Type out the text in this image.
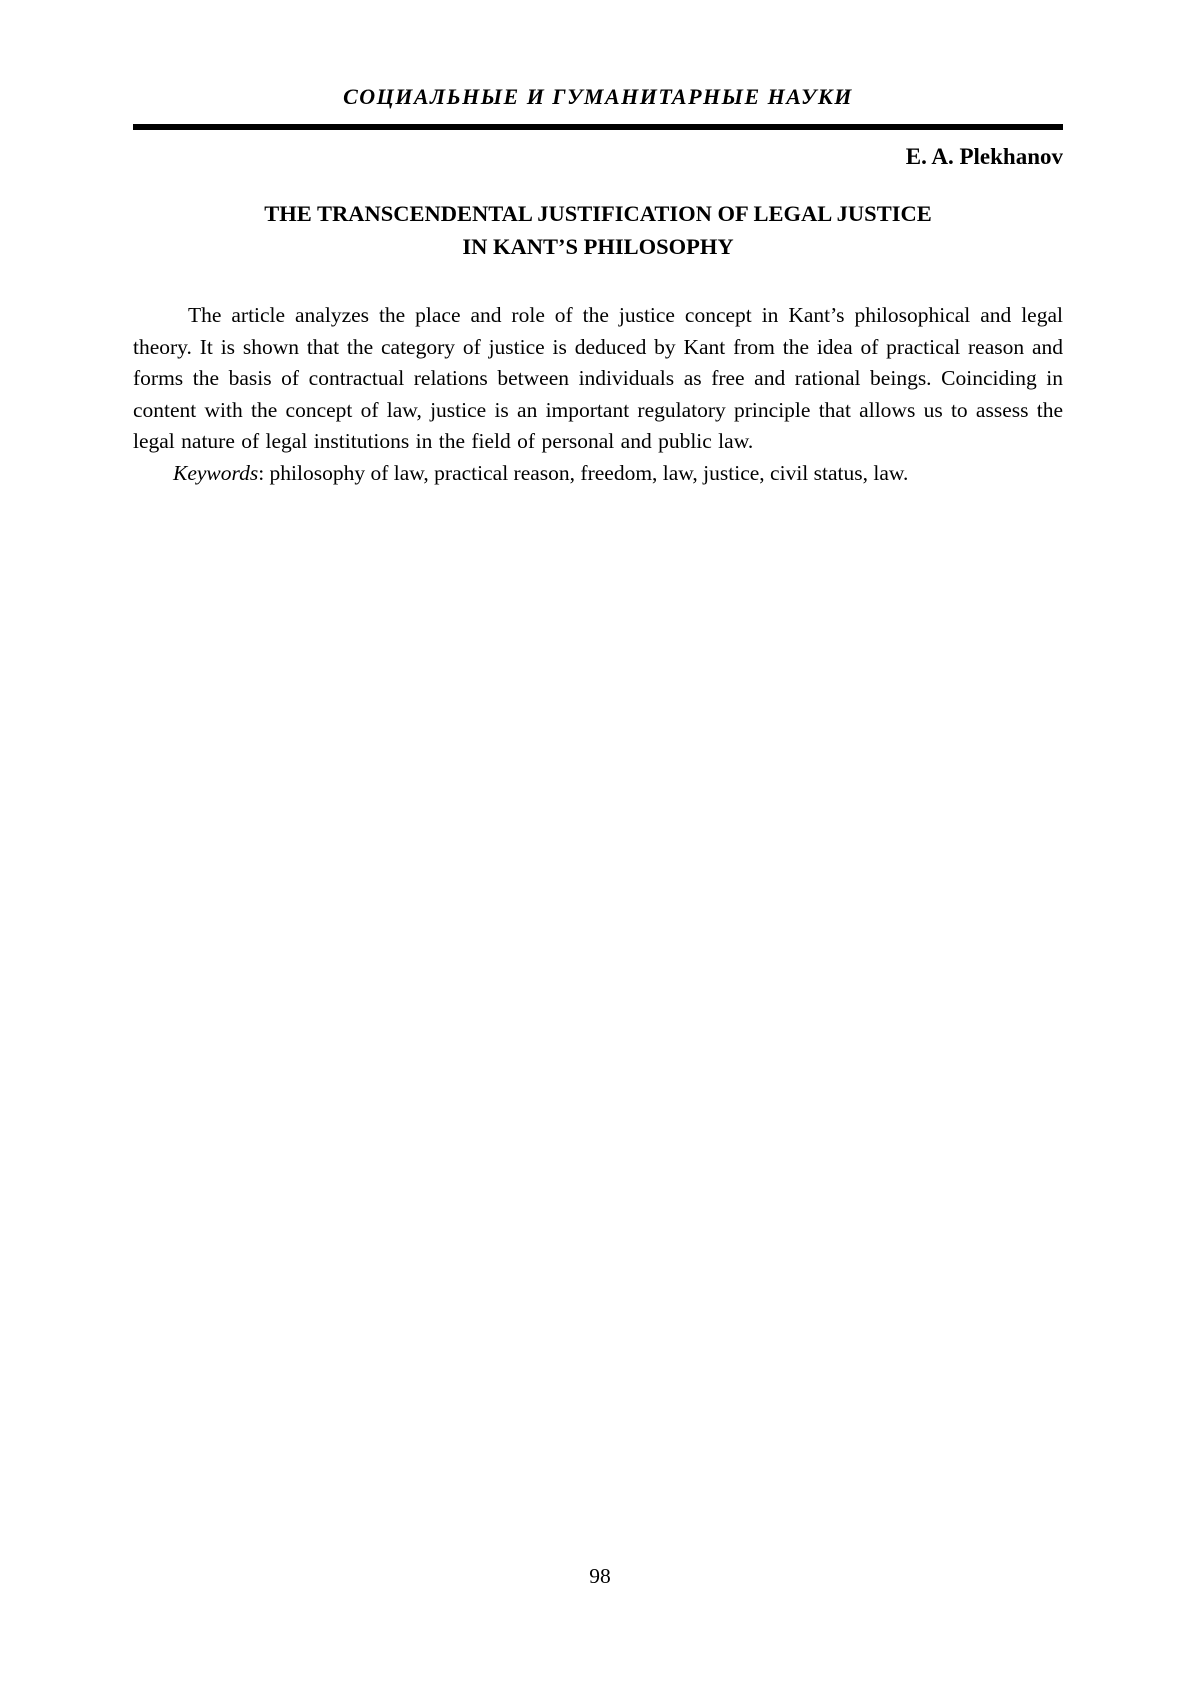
СОЦИАЛЬНЫЕ И ГУМАНИТАРНЫЕ НАУКИ
E. A. Plekhanov
THE TRANSCENDENTAL JUSTIFICATION OF LEGAL JUSTICE
IN KANT’S PHILOSOPHY

The article analyzes the place and role of the justice concept in Kant’s philosophical and legal theory. It is shown that the category of justice is deduced by Kant from the idea of practical reason and forms the basis of contractual relations between individuals as free and rational beings. Coinciding in content with the concept of law, justice is an important regulatory principle that allows us to assess the legal nature of legal institutions in the field of personal and public law.

Keywords: philosophy of law, practical reason, freedom, law, justice, civil status, law.

98
